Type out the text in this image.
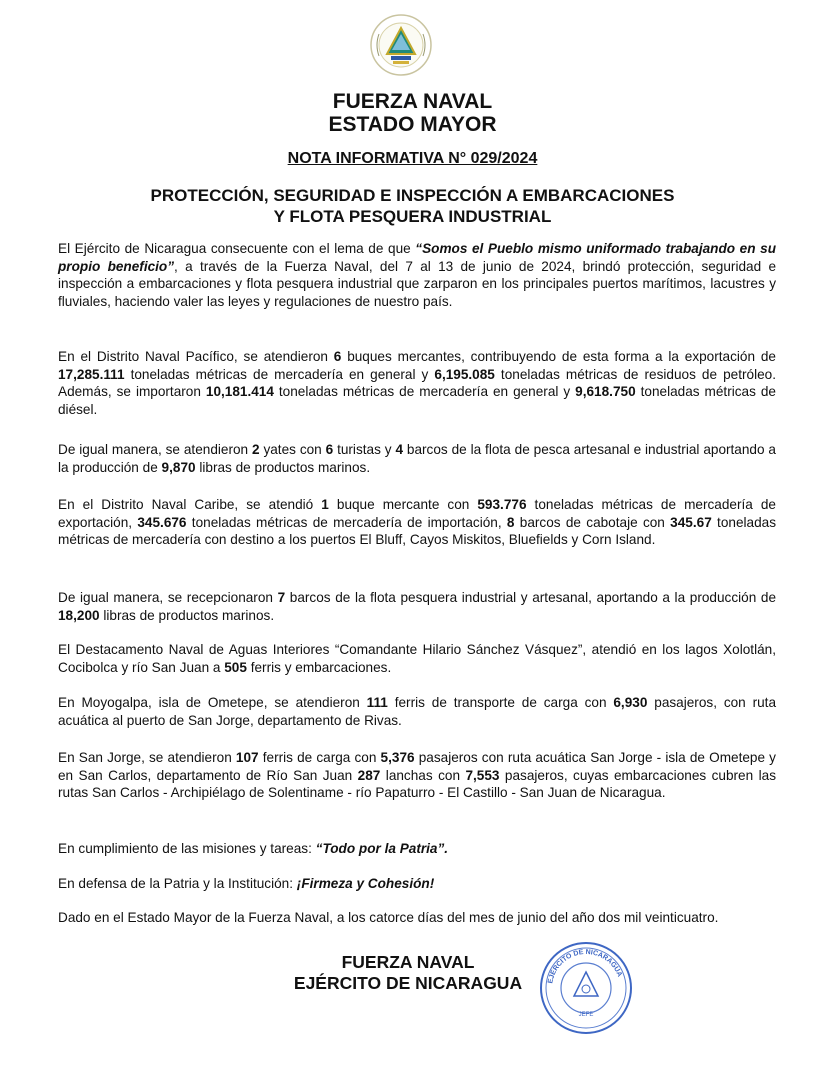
FUERZA NAVAL
ESTADO MAYOR
NOTA INFORMATIVA N° 029/2024
PROTECCIÓN, SEGURIDAD E INSPECCIÓN A EMBARCACIONES
Y FLOTA PESQUERA INDUSTRIAL

El Ejército de Nicaragua consecuente con el lema de que “Somos el Pueblo mismo uniformado trabajando en su propio beneficio”, a través de la Fuerza Naval, del 7 al 13 de junio de 2024, brindó protección, seguridad e inspección a embarcaciones y flota pesquera industrial que zarparon en los principales puertos marítimos, lacustres y fluviales, haciendo valer las leyes y regulaciones de nuestro país.

En el Distrito Naval Pacífico, se atendieron 6 buques mercantes, contribuyendo de esta forma a la exportación de 17,285.111 toneladas métricas de mercadería en general y 6,195.085 toneladas métricas de residuos de petróleo. Además, se importaron 10,181.414 toneladas métricas de mercadería en general y 9,618.750 toneladas métricas de diésel.

De igual manera, se atendieron 2 yates con 6 turistas y 4 barcos de la flota de pesca artesanal e industrial aportando a la producción de 9,870 libras de productos marinos.

En el Distrito Naval Caribe, se atendió 1 buque mercante con 593.776 toneladas métricas de mercadería de exportación, 345.676 toneladas métricas de mercadería de importación, 8 barcos de cabotaje con 345.67 toneladas métricas de mercadería con destino a los puertos El Bluff, Cayos Miskitos, Bluefields y Corn Island.

De igual manera, se recepcionaron 7 barcos de la flota pesquera industrial y artesanal, aportando a la producción de 18,200 libras de productos marinos.

El Destacamento Naval de Aguas Interiores “Comandante Hilario Sánchez Vásquez”, atendió en los lagos Xolotlán, Cocibolca y río San Juan a 505 ferris y embarcaciones.

En Moyogalpa, isla de Ometepe, se atendieron 111 ferris de transporte de carga con 6,930 pasajeros, con ruta acuática al puerto de San Jorge, departamento de Rivas.

En San Jorge, se atendieron 107 ferris de carga con 5,376 pasajeros con ruta acuática San Jorge - isla de Ometepe y en San Carlos, departamento de Río San Juan 287 lanchas con 7,553 pasajeros, cuyas embarcaciones cubren las rutas San Carlos - Archipiélago de Solentiname - río Papaturro - El Castillo - San Juan de Nicaragua.

En cumplimiento de las misiones y tareas: “Todo por la Patria”.

En defensa de la Patria y la Institución: ¡Firmeza y Cohesión!

Dado en el Estado Mayor de la Fuerza Naval, a los catorce días del mes de junio del año dos mil veinticuatro.

FUERZA NAVAL
EJÉRCITO DE NICARAGUA	EJÉRCITO DE NICARAGUA
JEFE
